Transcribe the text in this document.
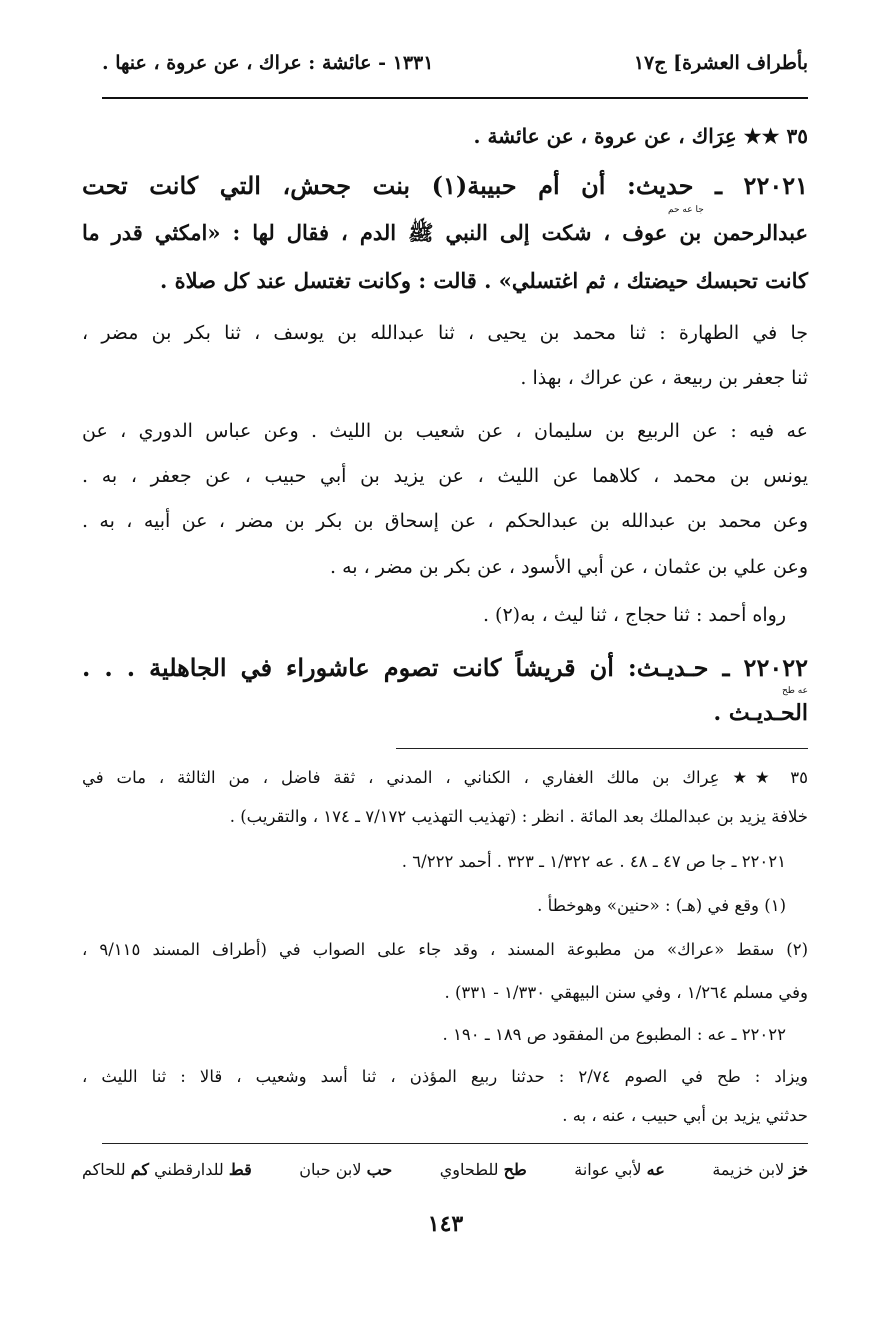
بأطراف العشرة] ج١٧
١٣٣١ - عائشة : عراك ، عن عروة ، عنها .
٣٥ ★★ عِرَاك ، عن عروة ، عن عائشة .
٢٢٠٢١ ـ حديث: أن أم حبيبة(١) بنت جحش، التي كانت تحت
جا عه حم
عبدالرحمن بن عوف ، شكت إلى النبي ﷺ الدم ، فقال لها : «امكثي قدر ما
كانت تحبسك حيضتك ، ثم اغتسلي» . قالت : وكانت تغتسل عند كل صلاة .
جا في الطهارة : ثنا محمد بن يحيى ، ثنا عبدالله بن يوسف ، ثنا بكر بن مضر ،
ثنا جعفر بن ربيعة ، عن عراك ، بهذا .
عه فيه : عن الربيع بن سليمان ، عن شعيب بن الليث . وعن عباس الدوري ، عن
يونس بن محمد ، كلاهما عن الليث ، عن يزيد بن أبي حبيب ، عن جعفر ، به .
وعن محمد بن عبدالله بن عبدالحكم ، عن إسحاق بن بكر بن مضر ، عن أبيه ، به .
وعن علي بن عثمان ، عن أبي الأسود ، عن بكر بن مضر ، به .
رواه أحمد : ثنا حجاج ، ثنا ليث ، به(٢) .
٢٢٠٢٢ ـ حـديـث: أن قريشاً كانت تصوم عاشوراء في الجاهلية . . .
عه طح
الحـديـث .
٣٥ ★★ عِراك بن مالك الغفاري ، الكناني ، المدني ، ثقة فاضل ، من الثالثة ، مات في
خلافة يزيد بن عبدالملك بعد المائة . انظر : (تهذيب التهذيب ٧/١٧٢ ـ ١٧٤ ، والتقريب) .
٢٢٠٢١ ـ جا ص ٤٧ ـ ٤٨ . عه ١/٣٢٢ ـ ٣٢٣ . أحمد ٦/٢٢٢ .
(١) وقع في (هـ) : «حنين» وهوخطأ .
(٢) سقط «عراك» من مطبوعة المسند ، وقد جاء على الصواب في (أطراف المسند ٩/١١٥ ،
وفي مسلم ١/٢٦٤ ، وفي سنن البيهقي ١/٣٣٠ - ٣٣١) .
٢٢٠٢٢ ـ عه : المطبوع من المفقود ص ١٨٩ ـ ١٩٠ .
ويزاد : طح في الصوم ٢/٧٤ : حدثنا ربيع المؤذن ، ثنا أسد وشعيب ، قالا : ثنا الليث ،
حدثني يزيد بن أبي حبيب ، عنه ، به .
خز لابن خزيمة
عه لأبي عوانة
طح للطحاوي
حب لابن حبان
قط للدارقطني كم للحاكم
١٤٣
